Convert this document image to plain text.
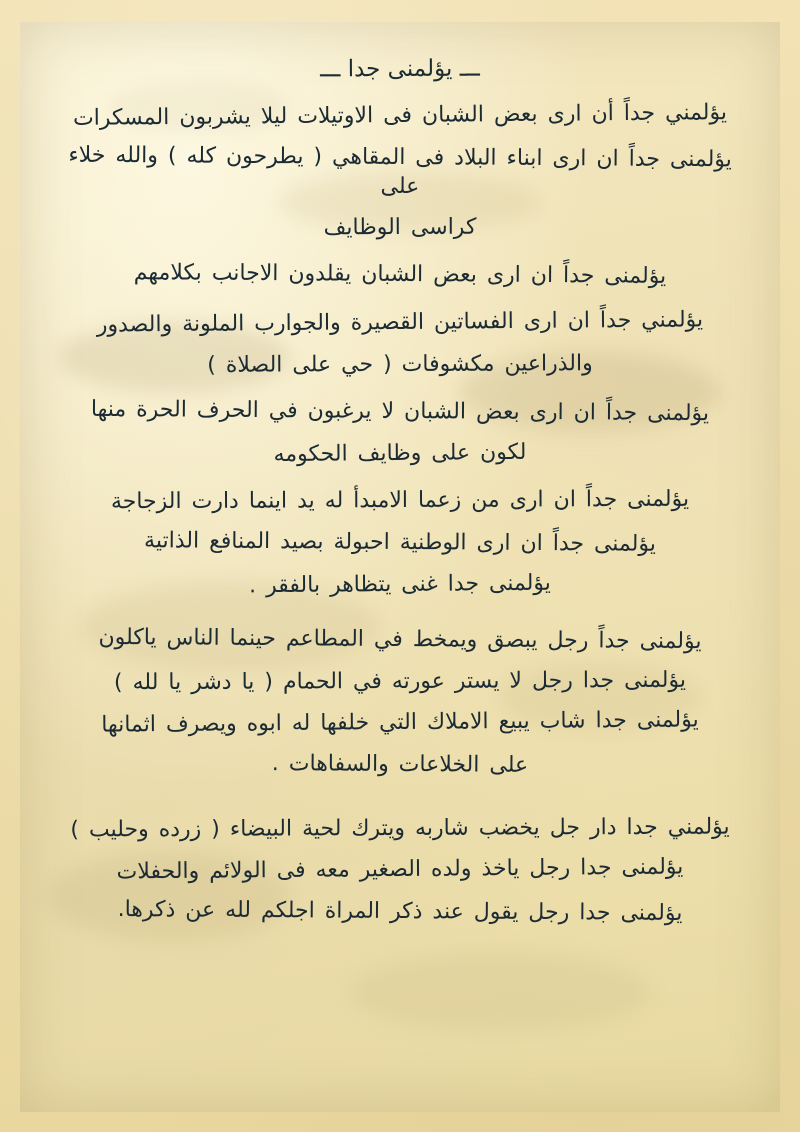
ـــ يؤلمنى جدا ـــ
يؤلمني جداً أن ارى بعض الشبان فى الاوتيلات ليلا يشربون المسكرات
يؤلمنى جداً ان ارى ابناء البلاد فى المقاهي ( يطرحون كله ) والله خلاء على
كراسى الوظايف
يؤلمنى جداً ان ارى بعض الشبان يقلدون الاجانب بكلامهم
يؤلمني جداً ان ارى الفساتين القصيرة والجوارب الملونة والصدور
والذراعين مكشوفات ( حي على الصلاة )
يؤلمنى جداً ان ارى بعض الشبان لا يرغبون في الحرف الحرة منها
لكون على وظايف الحكومه
يؤلمنى جداً ان ارى من زعما الامبدأ له يد اينما دارت الزجاجة
يؤلمنى جداً ان ارى الوطنية احبولة بصيد المنافع الذاتية
يؤلمنى جدا غنى يتظاهر بالفقر .
يؤلمنى جداً رجل يبصق ويمخط في المطاعم حينما الناس ياكلون
يؤلمنى جدا رجل لا يستر عورته في الحمام ( يا دشر يا لله )
يؤلمنى جدا شاب يبيع الاملاك التي خلفها له ابوه ويصرف اثمانها
على الخلاعات والسفاهات .
يؤلمني جدا دار جل يخضب شاربه ويترك لحية البيضاء ( زرده وحليب )
يؤلمنى جدا رجل ياخذ ولده الصغير معه فى الولائم والحفلات
يؤلمنى جدا رجل يقول عند ذكر المراة اجلكم لله عن ذكرها.
